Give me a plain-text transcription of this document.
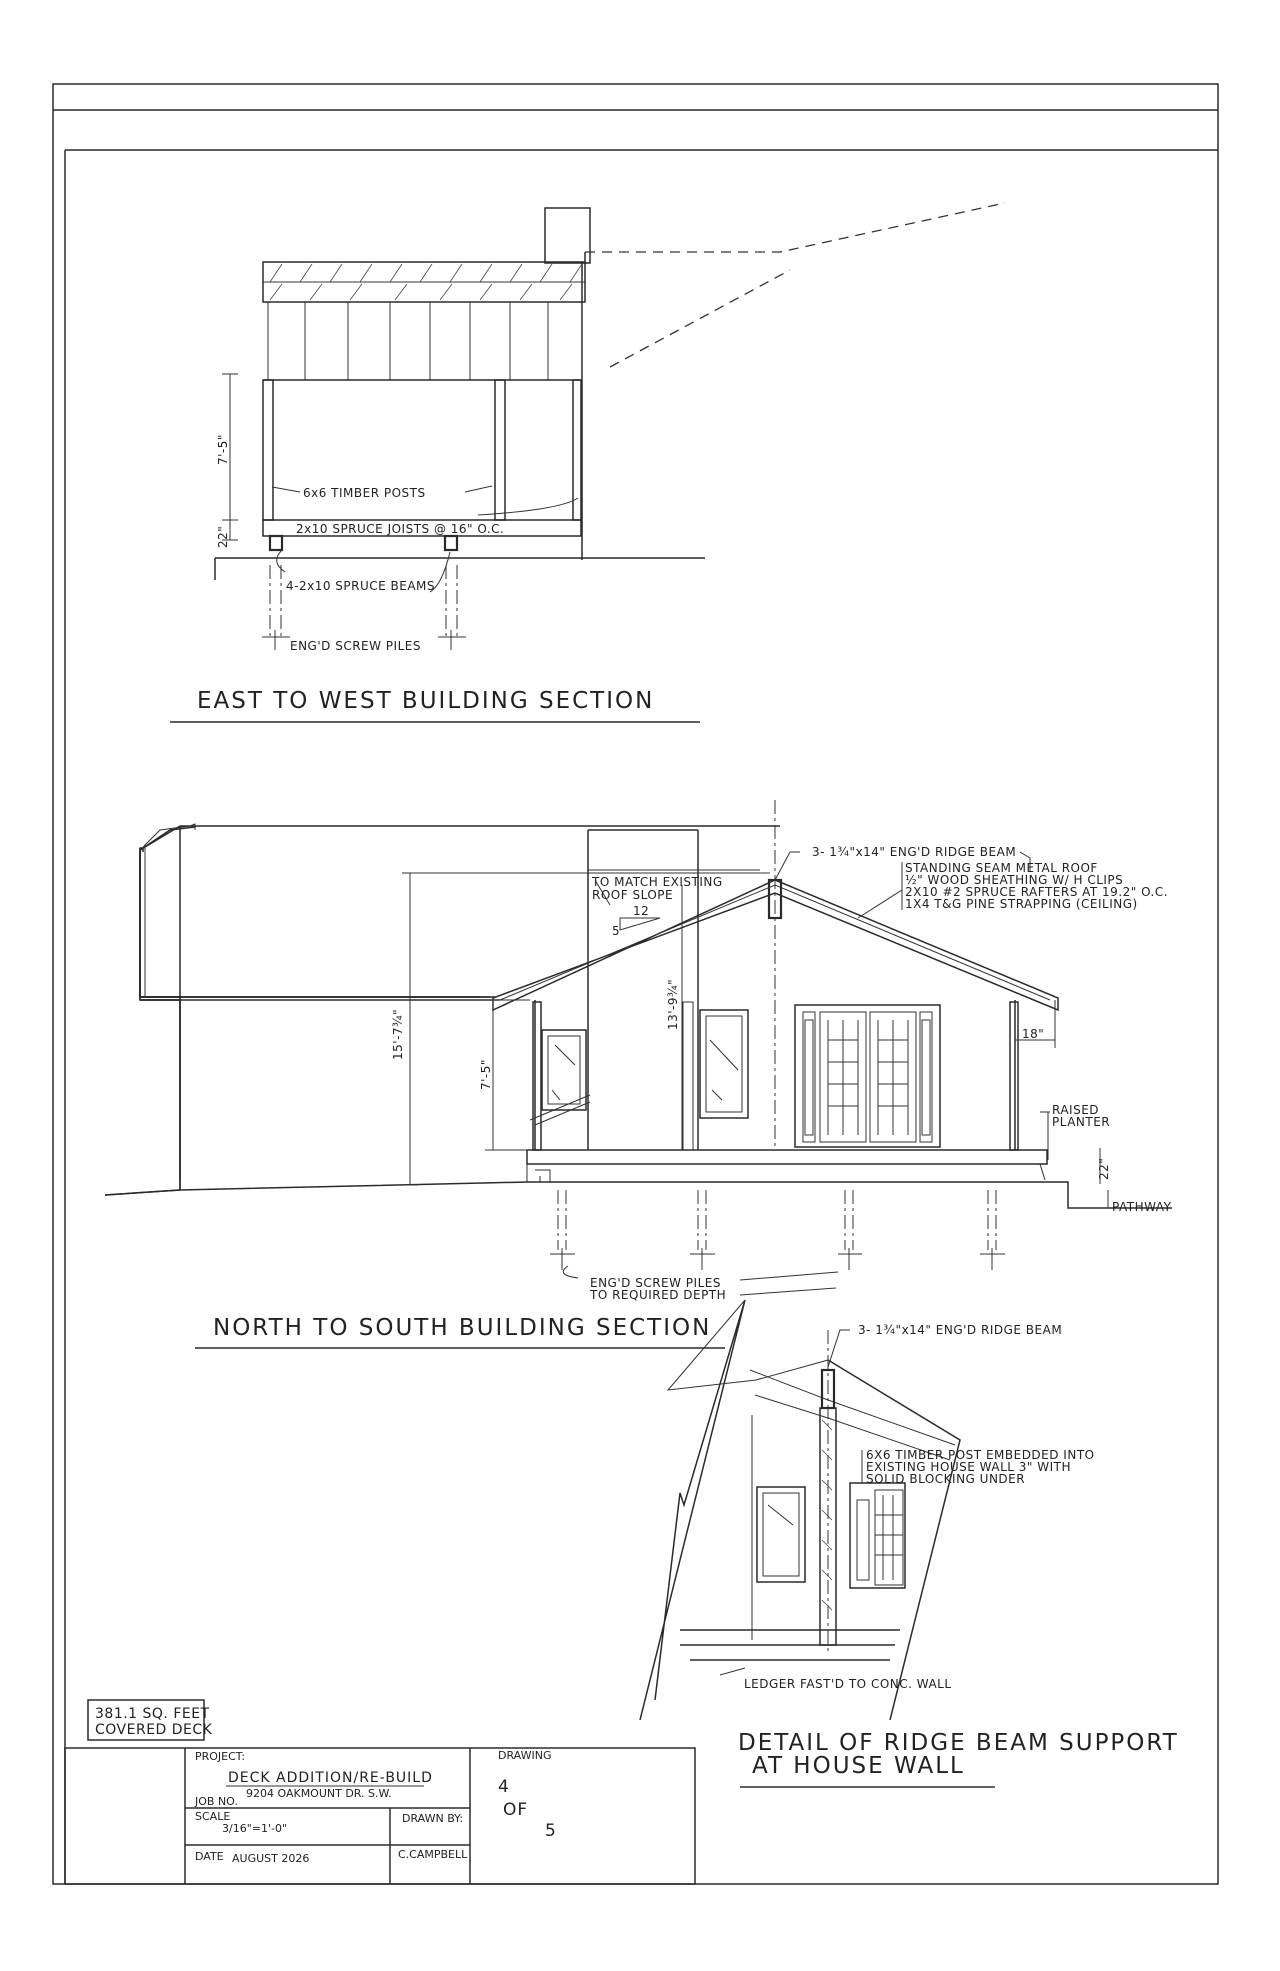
7'-5"
22"
6x6 TIMBER POSTS
2x10 SPRUCE JOISTS @ 16" O.C.
4-2x10 SPRUCE BEAMS
ENG'D SCREW PILES
EAST TO WEST BUILDING SECTION
15'-7¾"
13'-9¾"
7'-5"
18"
22"
TO MATCH EXISTING
ROOF SLOPE
12
5
3- 1¾"x14" ENG'D RIDGE BEAM
STANDING SEAM METAL ROOF
½" WOOD SHEATHING W/ H CLIPS
2X10 #2 SPRUCE RAFTERS AT 19.2" O.C.
1X4 T&G PINE STRAPPING (CEILING)
RAISED
PLANTER
PATHWAY
ENG'D SCREW PILES
TO REQUIRED DEPTH
NORTH TO SOUTH BUILDING SECTION	3- 1¾"x14" ENG'D RIDGE BEAM
6X6 TIMBER POST EMBEDDED INTO
EXISTING HOUSE WALL 3" WITH
SOLID BLOCKING UNDER
LEDGER FAST'D TO CONC. WALL
DETAIL OF RIDGE BEAM SUPPORT
AT HOUSE WALL
381.1 SQ. FEET
COVERED DECK
PROJECT:
DECK ADDITION/RE-BUILD
9204 OAKMOUNT DR. S.W.
JOB NO.
SCALE
3/16"=1'-0"
DATE AUGUST 2026
DRAWN BY:
C.CAMPBELL
DRAWING
4
OF
5
